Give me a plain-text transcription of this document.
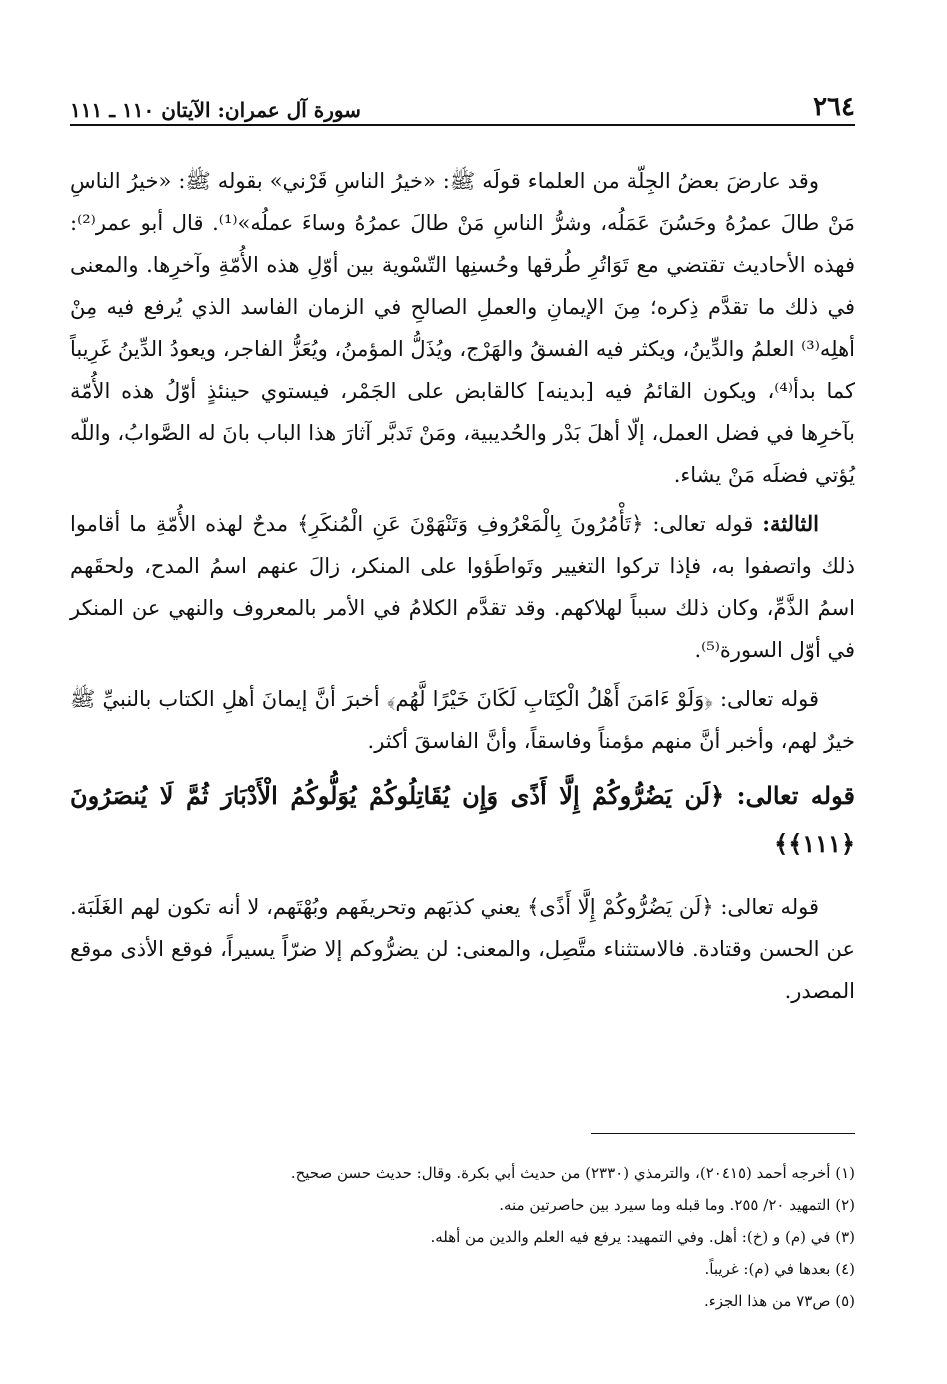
٢٦٤
سورة آل عمران: الآيتان ١١٠ ـ ١١١

وقد عارضَ بعضُ الجِلّة من العلماء قولَه ﷺ: «خيرُ الناسِ قَرْني» بقوله ﷺ: «خيرُ الناسِ مَنْ طالَ عمرُهُ وحَسُنَ عَمَلُه، وشرُّ الناسِ مَنْ طالَ عمرُهُ وساءَ عملُه»⁽¹⁾. قال أبو عمر⁽²⁾: فهذه الأحاديث تقتضي مع تَوَاتُرِ طُرقها وحُسنِها التّسْوية بين أوّلِ هذه الأُمّةِ وآخرِها. والمعنى في ذلك ما تقدَّم ذِكره؛ مِنَ الإيمانِ والعملِ الصالحِ في الزمان الفاسد الذي يُرفع فيه مِنْ أهلِه⁽³⁾ العلمُ والدِّينُ، ويكثر فيه الفسقُ والهَرْج، ويُذَلُّ المؤمنُ، ويُعَزُّ الفاجر، ويعودُ الدِّينُ غَرِيباً كما بدأ⁽⁴⁾، ويكون القائمُ فيه [بدينه] كالقابض على الجَمْر، فيستوي حينئذٍ أوّلُ هذه الأُمّة بآخرِها في فضل العمل، إلّا أهلَ بَدْر والحُديبية، ومَنْ تَدبَّر آثارَ هذا الباب بانَ له الصَّوابُ، واللّه يُؤتي فضلَه مَنْ يشاء.

الثالثة: قوله تعالى: ﴿تَأْمُرُونَ بِالْمَعْرُوفِ وَتَنْهَوْنَ عَنِ الْمُنكَرِ﴾ مدحٌ لهذه الأُمّةِ ما أقاموا ذلك واتصفوا به، فإذا تركوا التغيير وتَواطَؤوا على المنكر، زالَ عنهم اسمُ المدح، ولحقَهم اسمُ الذَّمِّ، وكان ذلك سبباً لهلاكهم. وقد تقدَّم الكلامُ في الأمر بالمعروف والنهي عن المنكر في أوّل السورة⁽⁵⁾.

قوله تعالى: ﴿وَلَوْ ءَامَنَ أَهْلُ الْكِتَابِ لَكَانَ خَيْرًا لَّهُم﴾ أخبرَ أنَّ إيمانَ أهلِ الكتاب بالنبيِّ ﷺ خيرٌ لهم، وأخبر أنَّ منهم مؤمناً وفاسقاً، وأنَّ الفاسقَ أكثر.

قوله تعالى: ﴿لَن يَضُرُّوكُمْ إِلَّا أَذًى وَإِن يُقَاتِلُوكُمْ يُوَلُّوكُمُ الْأَدْبَارَ ثُمَّ لَا يُنصَرُونَ ﴿١١١﴾﴾

قوله تعالى: ﴿لَن يَضُرُّوكُمْ إِلَّا أَذًى﴾ يعني كذبَهم وتحريفَهم وبُهْتَهم، لا أنه تكون لهم الغَلَبَة. عن الحسن وقتادة. فالاستثناء متَّصِل، والمعنى: لن يضرُّوكم إلا ضرّاً يسيراً، فوقع الأذى موقع المصدر.

(١) أخرجه أحمد (٢٠٤١٥)، والترمذي (٢٣٣٠) من حديث أبي بكرة. وقال: حديث حسن صحيح.
(٢) التمهيد ٢٠/ ٢٥٥. وما قبله وما سيرد بين حاصرتين منه.
(٣) في (م) و (خ): أهل. وفي التمهيد: يرفع فيه العلم والدين من أهله.
(٤) بعدها في (م): غريباً.
(٥) ص٧٣ من هذا الجزء.
